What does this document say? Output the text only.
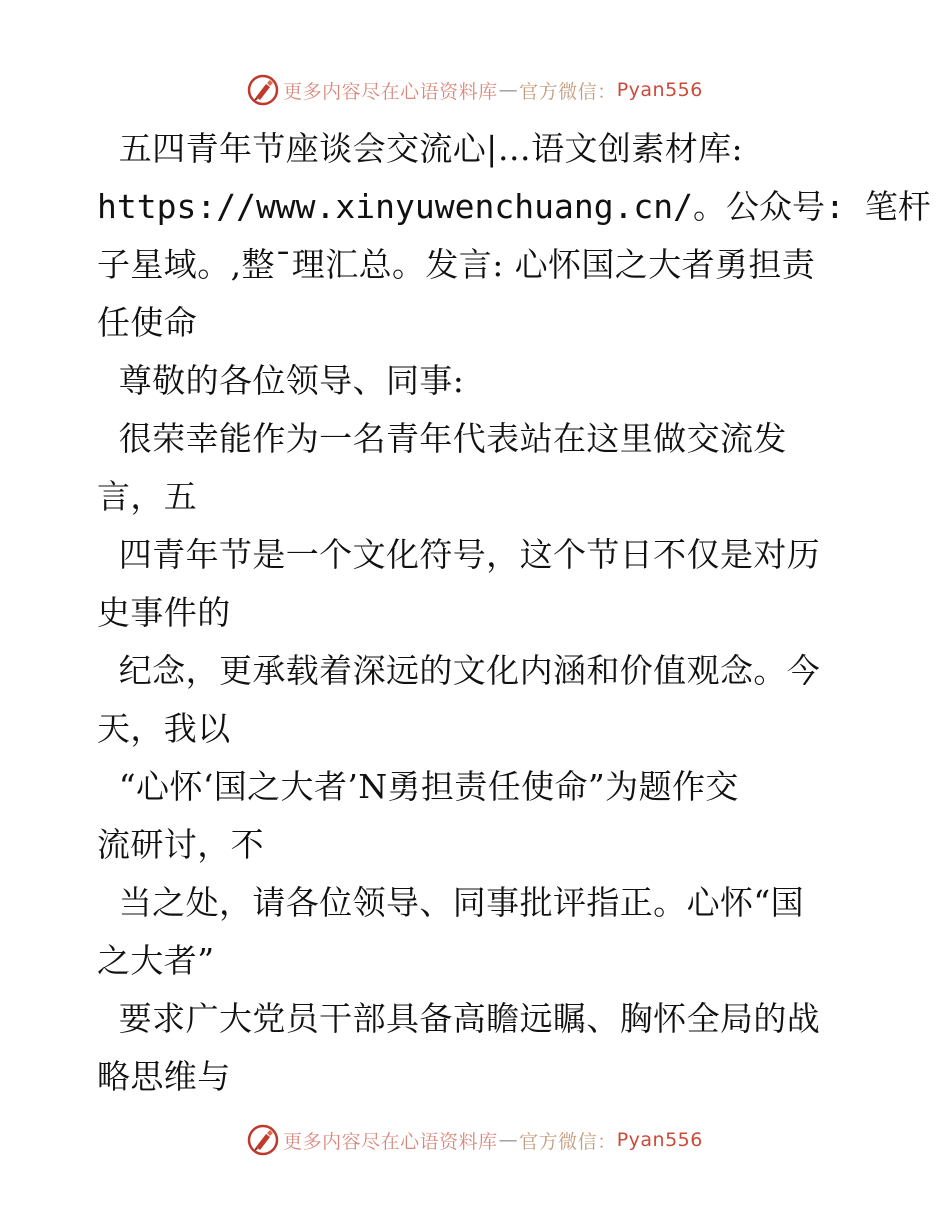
更多内容尽在心语资料库 — 官方微信： Pyan556
五四青年节座谈会交流心|…语文创素材库:
https://www.xinyuwenchuang.cn/。公众号: 笔杆
子星域。,整¯理汇总。发言: 心怀国之大者勇担责
任使命
尊敬的各位领导、同事:
很荣幸能作为一名青年代表站在这里做交流发
言，五
四青年节是一个文化符号，这个节日不仅是对历
史事件的
纪念，更承载着深远的文化内涵和价值观念。今
天，我以
“心怀‘国之大者’N勇担责任使命”为题作交
流研讨，不
当之处，请各位领导、同事批评指正。心怀“国
之大者”
要求广大党员干部具备高瞻远瞩、胸怀全局的战
略思维与
更多内容尽在心语资料库 — 官方微信： Pyan556
